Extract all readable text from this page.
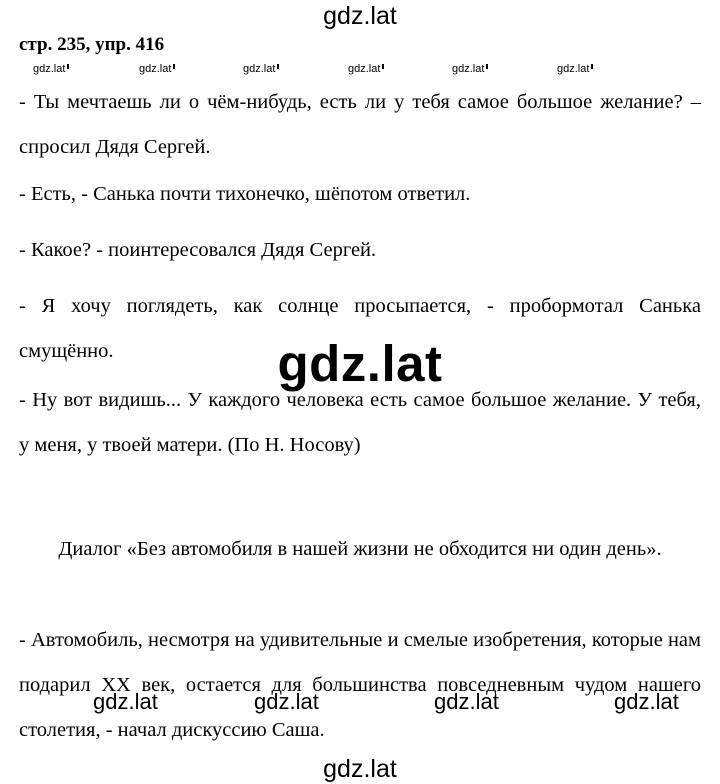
gdz.lat
стр. 235, упр. 416
gdz.lat	gdz.lat	gdz.lat	gdz.lat	gdz.lat	gdz.lat
- Ты мечтаешь ли о чём-нибудь, есть ли у тебя самое большое желание? – спросил Дядя Сергей.
- Есть, - Санька почти тихонечко, шёпотом ответил.
- Какое? - поинтересовался Дядя Сергей.
- Я хочу поглядеть, как солнце просыпается, - пробормотал Санька смущённо.	gdz.lat
- Ну вот видишь... У каждого человека есть самое большое желание. У тебя, у меня, у твоей матери. (По Н. Носову)
Диалог «Без автомобиля в нашей жизни не обходится ни один день».
- Автомобиль, несмотря на удивительные и смелые изобретения, которые нам подарил XX век, остается для большинства повседневным чудом нашего столетия, - начал дискуссию Саша.
gdz.lat	gdz.lat	gdz.lat	gdz.lat
gdz.lat
